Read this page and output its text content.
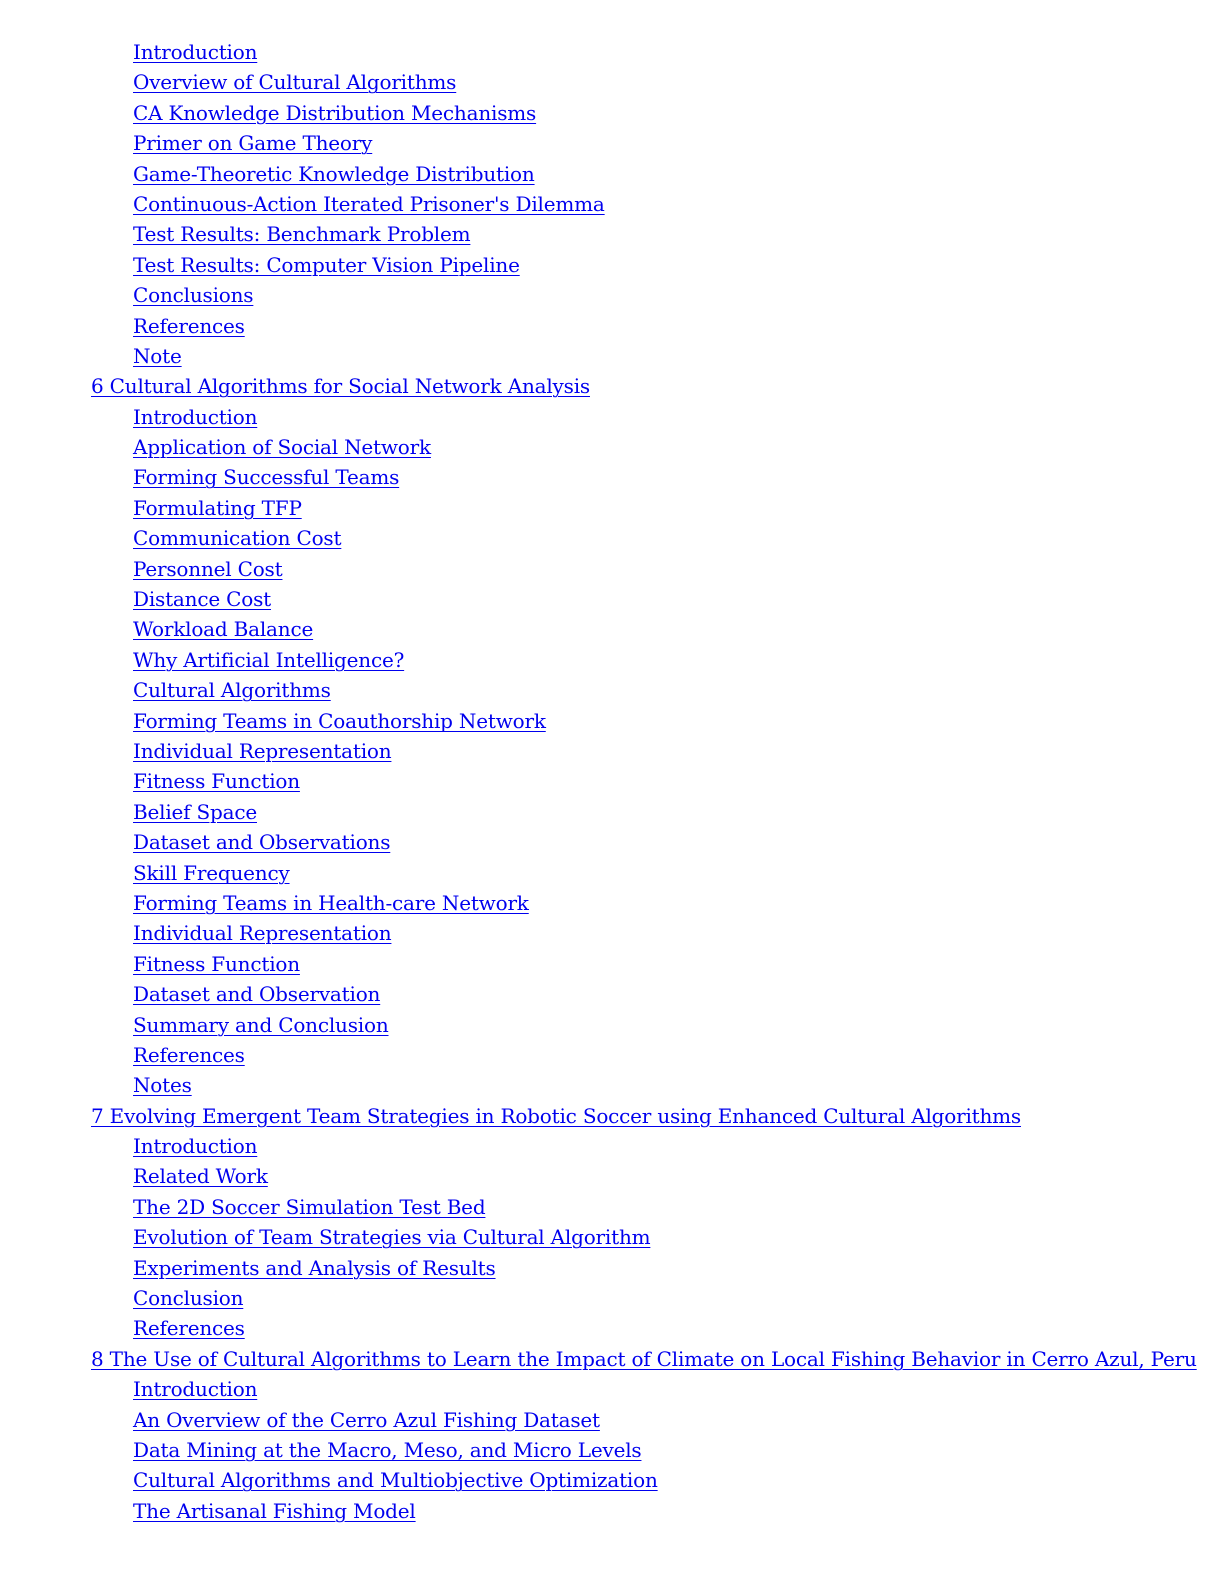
Introduction
Overview of Cultural Algorithms
CA Knowledge Distribution Mechanisms
Primer on Game Theory
Game-Theoretic Knowledge Distribution
Continuous-Action Iterated Prisoner's Dilemma
Test Results: Benchmark Problem
Test Results: Computer Vision Pipeline
Conclusions
References
Note
6 Cultural Algorithms for Social Network Analysis
Introduction
Application of Social Network
Forming Successful Teams
Formulating TFP
Communication Cost
Personnel Cost
Distance Cost
Workload Balance
Why Artificial Intelligence?
Cultural Algorithms
Forming Teams in Coauthorship Network
Individual Representation
Fitness Function
Belief Space
Dataset and Observations
Skill Frequency
Forming Teams in Health-care Network
Individual Representation
Fitness Function
Dataset and Observation
Summary and Conclusion
References
Notes
7 Evolving Emergent Team Strategies in Robotic Soccer using Enhanced Cultural Algorithms
Introduction
Related Work
The 2D Soccer Simulation Test Bed
Evolution of Team Strategies via Cultural Algorithm
Experiments and Analysis of Results
Conclusion
References
8 The Use of Cultural Algorithms to Learn the Impact of Climate on Local Fishing Behavior in Cerro Azul, Peru
Introduction
An Overview of the Cerro Azul Fishing Dataset
Data Mining at the Macro, Meso, and Micro Levels
Cultural Algorithms and Multiobjective Optimization
The Artisanal Fishing Model
